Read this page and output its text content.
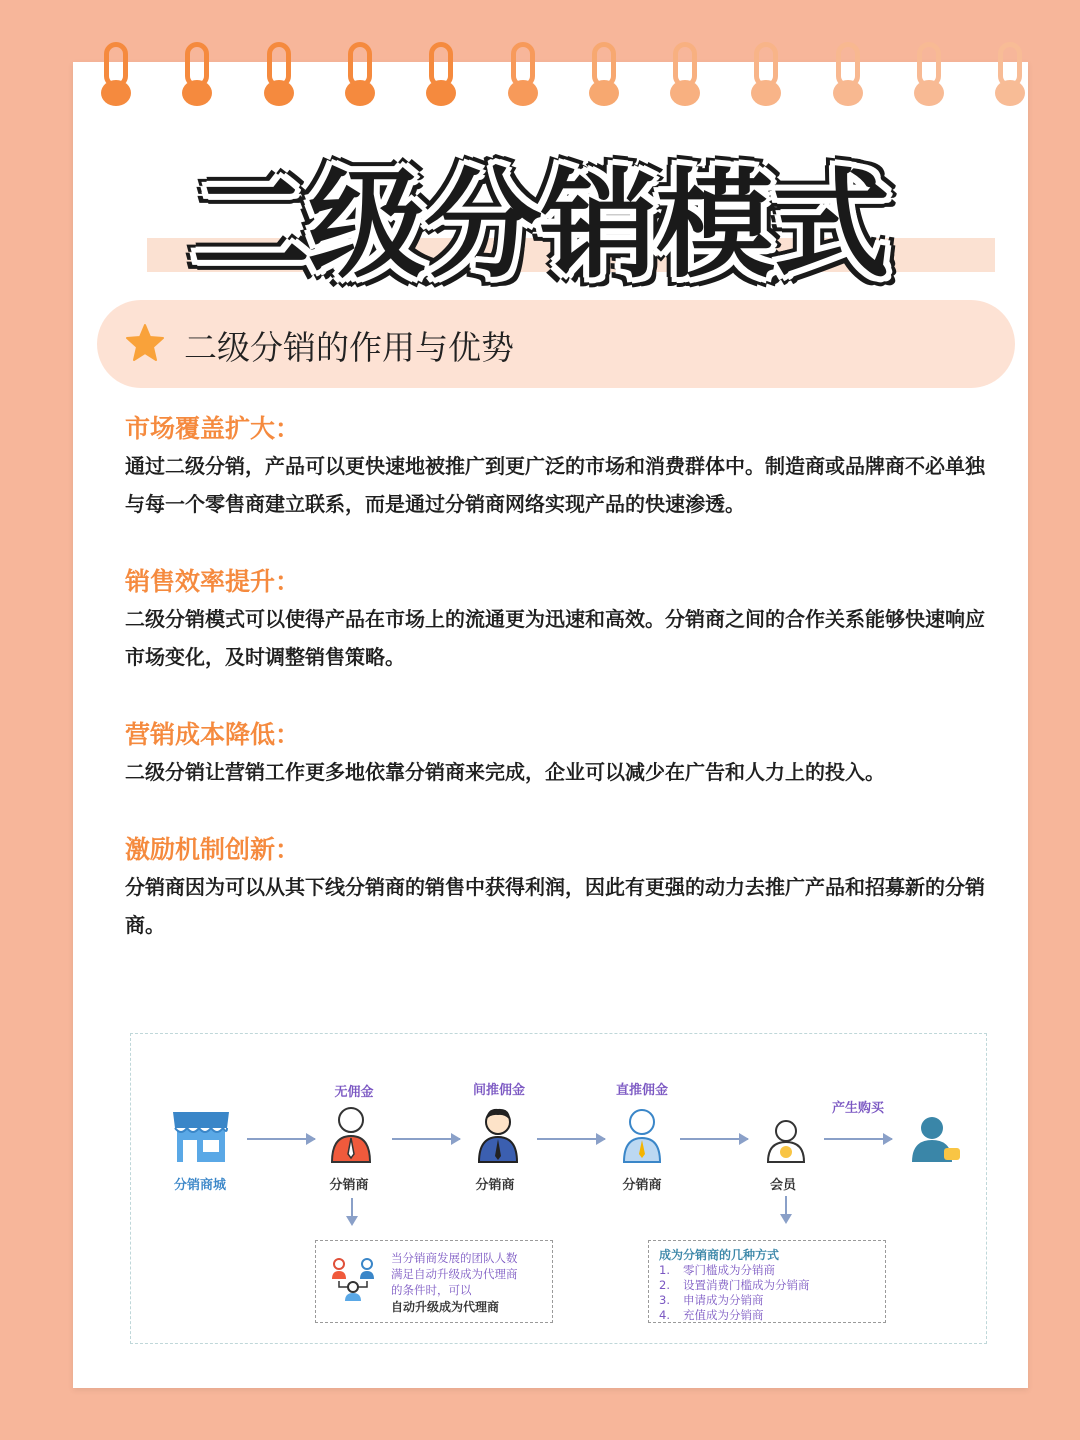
二级分销模式
二级分销的作用与优势
市场覆盖扩大：
通过二级分销，产品可以更快速地被推广到更广泛的市场和消费群体中。制造商或品牌商不必单独与每一个零售商建立联系，而是通过分销商网络实现产品的快速渗透。
销售效率提升：
二级分销模式可以使得产品在市场上的流通更为迅速和高效。分销商之间的合作关系能够快速响应市场变化，及时调整销售策略。
营销成本降低：
二级分销让营销工作更多地依靠分销商来完成，企业可以减少在广告和人力上的投入。
激励机制创新：
分销商因为可以从其下线分销商的销售中获得利润，因此有更强的动力去推广产品和招募新的分销商。
分销商城
无佣金
分销商
间推佣金
分销商
直推佣金
分销商	会员
产生购买
当分销商发展的团队人数
满足自动升级成为代理商
的条件时，可以
自动升级成为代理商
成为分销商的几种方式
1. 零门槛成为分销商
2. 设置消费门槛成为分销商
3. 申请成为分销商
4. 充值成为分销商
